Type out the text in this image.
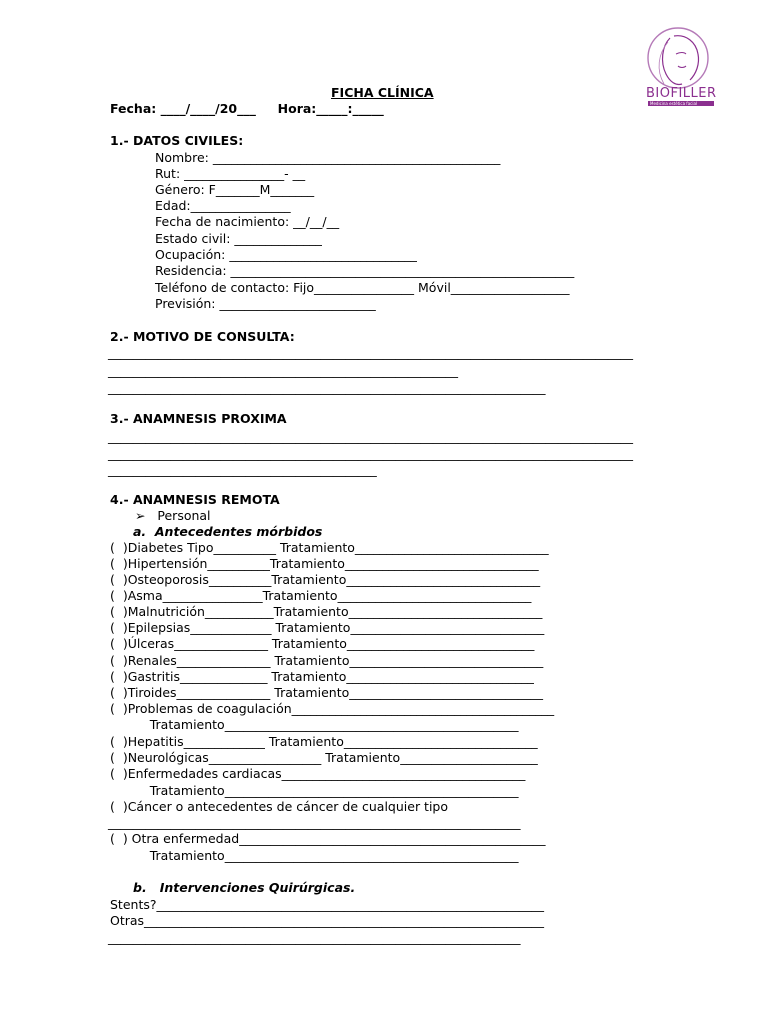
BIOFILLER
Medicina estética facial
FICHA CLÍNICA
Fecha: ____/____/20___     Hora:_____:_____
1.- DATOS CIVILES:
Nombre: ______________________________________________
Rut: ________________- __
Género: F_______M_______
Edad:________________
Fecha de nacimiento: __/__/__
Estado civil: ______________
Ocupación: ______________________________
Residencia: _______________________________________________________
Teléfono de contacto: Fijo________________ Móvil___________________
Previsión: _________________________
2.- MOTIVO DE CONSULTA:
____________________________________________________________________________________
________________________________________________________
______________________________________________________________________
3.- ANAMNESIS PROXIMA
____________________________________________________________________________________
____________________________________________________________________________________
___________________________________________
4.- ANAMNESIS REMOTA
➢   Personal
a.  Antecedentes mórbidos
(  )Diabetes Tipo__________ Tratamiento_______________________________
(  )Hipertensión__________Tratamiento_______________________________
(  )Osteoporosis__________Tratamiento_______________________________
(  )Asma________________Tratamiento_______________________________
(  )Malnutrición___________Tratamiento_______________________________
(  )Epilepsias_____________ Tratamiento_______________________________
(  )Úlceras_______________ Tratamiento______________________________
(  )Renales_______________ Tratamiento_______________________________
(  )Gastritis______________ Tratamiento______________________________
(  )Tiroides_______________ Tratamiento_______________________________
(  )Problemas de coagulación__________________________________________
Tratamiento_______________________________________________
(  )Hepatitis_____________ Tratamiento_______________________________
(  )Neurológicas__________________ Tratamiento______________________
(  )Enfermedades cardiacas_______________________________________
Tratamiento_______________________________________________
(  )Cáncer o antecedentes de cáncer de cualquier tipo
__________________________________________________________________
(  ) Otra enfermedad_________________________________________________
Tratamiento_______________________________________________
b.   Intervenciones Quirúrgicas.
Stents?______________________________________________________________
Otras________________________________________________________________
__________________________________________________________________
